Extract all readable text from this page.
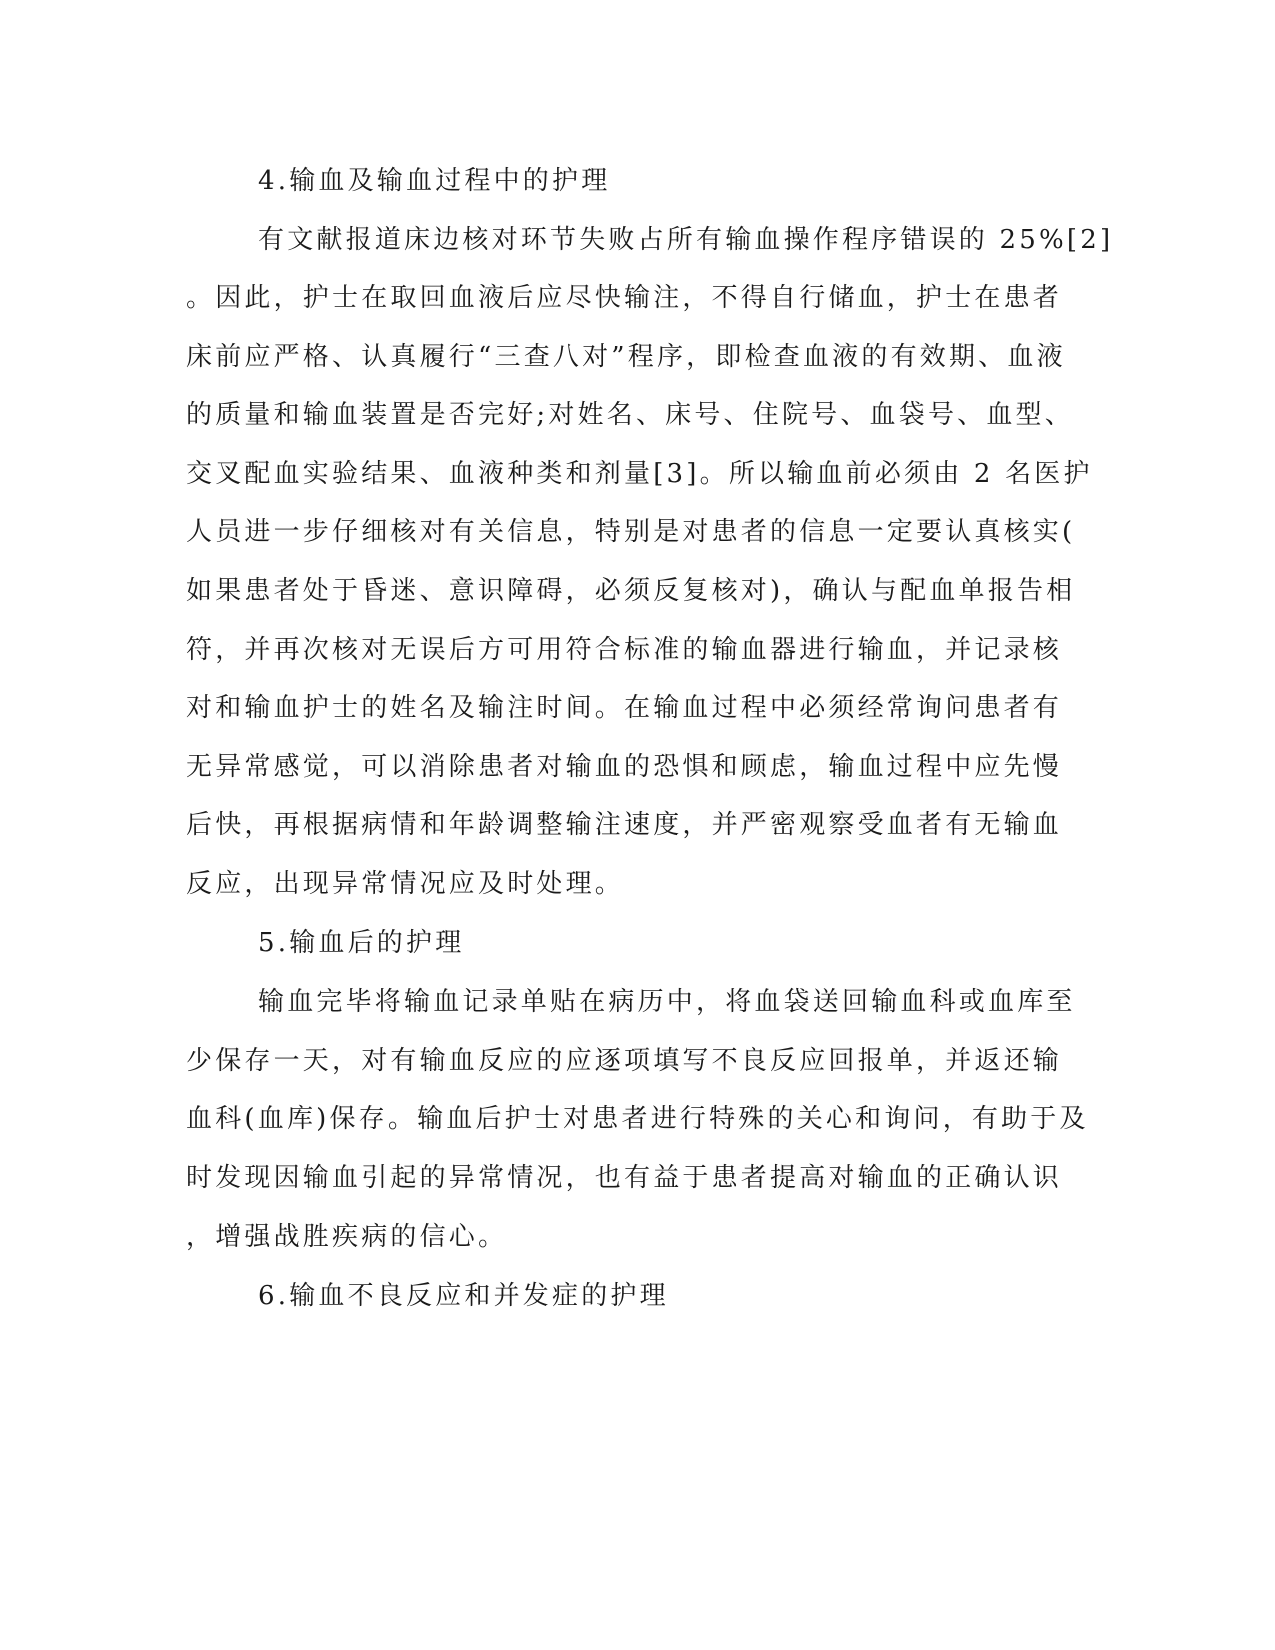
4.输血及输血过程中的护理
有文献报道床边核对环节失败占所有输血操作程序错误的 25%[2]
。因此，护士在取回血液后应尽快输注，不得自行储血，护士在患者
床前应严格、认真履行“三查八对”程序，即检查血液的有效期、血液
的质量和输血装置是否完好;对姓名、床号、住院号、血袋号、血型、
交叉配血实验结果、血液种类和剂量[3]。所以输血前必须由 2 名医护
人员进一步仔细核对有关信息，特别是对患者的信息一定要认真核实(
如果患者处于昏迷、意识障碍，必须反复核对)，确认与配血单报告相
符，并再次核对无误后方可用符合标准的输血器进行输血，并记录核
对和输血护士的姓名及输注时间。在输血过程中必须经常询问患者有
无异常感觉，可以消除患者对输血的恐惧和顾虑，输血过程中应先慢
后快，再根据病情和年龄调整输注速度，并严密观察受血者有无输血
反应，出现异常情况应及时处理。
5.输血后的护理
输血完毕将输血记录单贴在病历中，将血袋送回输血科或血库至
少保存一天，对有输血反应的应逐项填写不良反应回报单，并返还输
血科(血库)保存。输血后护士对患者进行特殊的关心和询问，有助于及
时发现因输血引起的异常情况，也有益于患者提高对输血的正确认识
，增强战胜疾病的信心。
6.输血不良反应和并发症的护理
